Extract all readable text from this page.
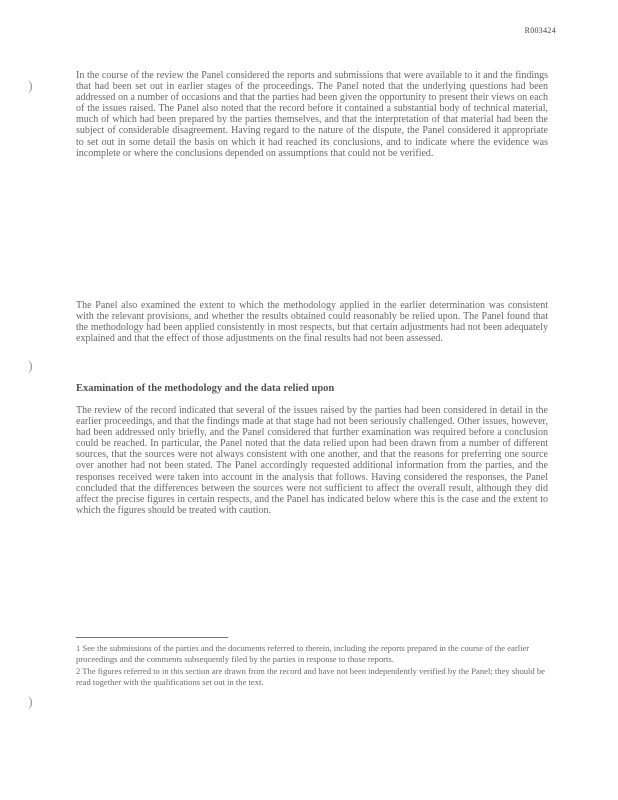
R003424
)
)
)
In the course of the review the Panel considered the reports and submissions that were available to it and the findings that had been set out in earlier stages of the proceedings. The Panel noted that the underlying questions had been addressed on a number of occasions and that the parties had been given the opportunity to present their views on each of the issues raised. The Panel also noted that the record before it contained a substantial body of technical material, much of which had been prepared by the parties themselves, and that the interpretation of that material had been the subject of considerable disagreement. Having regard to the nature of the dispute, the Panel considered it appropriate to set out in some detail the basis on which it had reached its conclusions, and to indicate where the evidence was incomplete or where the conclusions depended on assumptions that could not be verified.
The Panel also examined the extent to which the methodology applied in the earlier determination was consistent with the relevant provisions, and whether the results obtained could reasonably be relied upon. The Panel found that the methodology had been applied consistently in most respects, but that certain adjustments had not been adequately explained and that the effect of those adjustments on the final results had not been assessed.
Examination of the methodology and the data relied upon
The review of the record indicated that several of the issues raised by the parties had been considered in detail in the earlier proceedings, and that the findings made at that stage had not been seriously challenged. Other issues, however, had been addressed only briefly, and the Panel considered that further examination was required before a conclusion could be reached. In particular, the Panel noted that the data relied upon had been drawn from a number of different sources, that the sources were not always consistent with one another, and that the reasons for preferring one source over another had not been stated. The Panel accordingly requested additional information from the parties, and the responses received were taken into account in the analysis that follows. Having considered the responses, the Panel concluded that the differences between the sources were not sufficient to affect the overall result, although they did affect the precise figures in certain respects, and the Panel has indicated below where this is the case and the extent to which the figures should be treated with caution.

1 See the submissions of the parties and the documents referred to therein, including the reports prepared in the course of the earlier proceedings and the comments subsequently filed by the parties in response to those reports.

2 The figures referred to in this section are drawn from the record and have not been independently verified by the Panel; they should be read together with the qualifications set out in the text.
